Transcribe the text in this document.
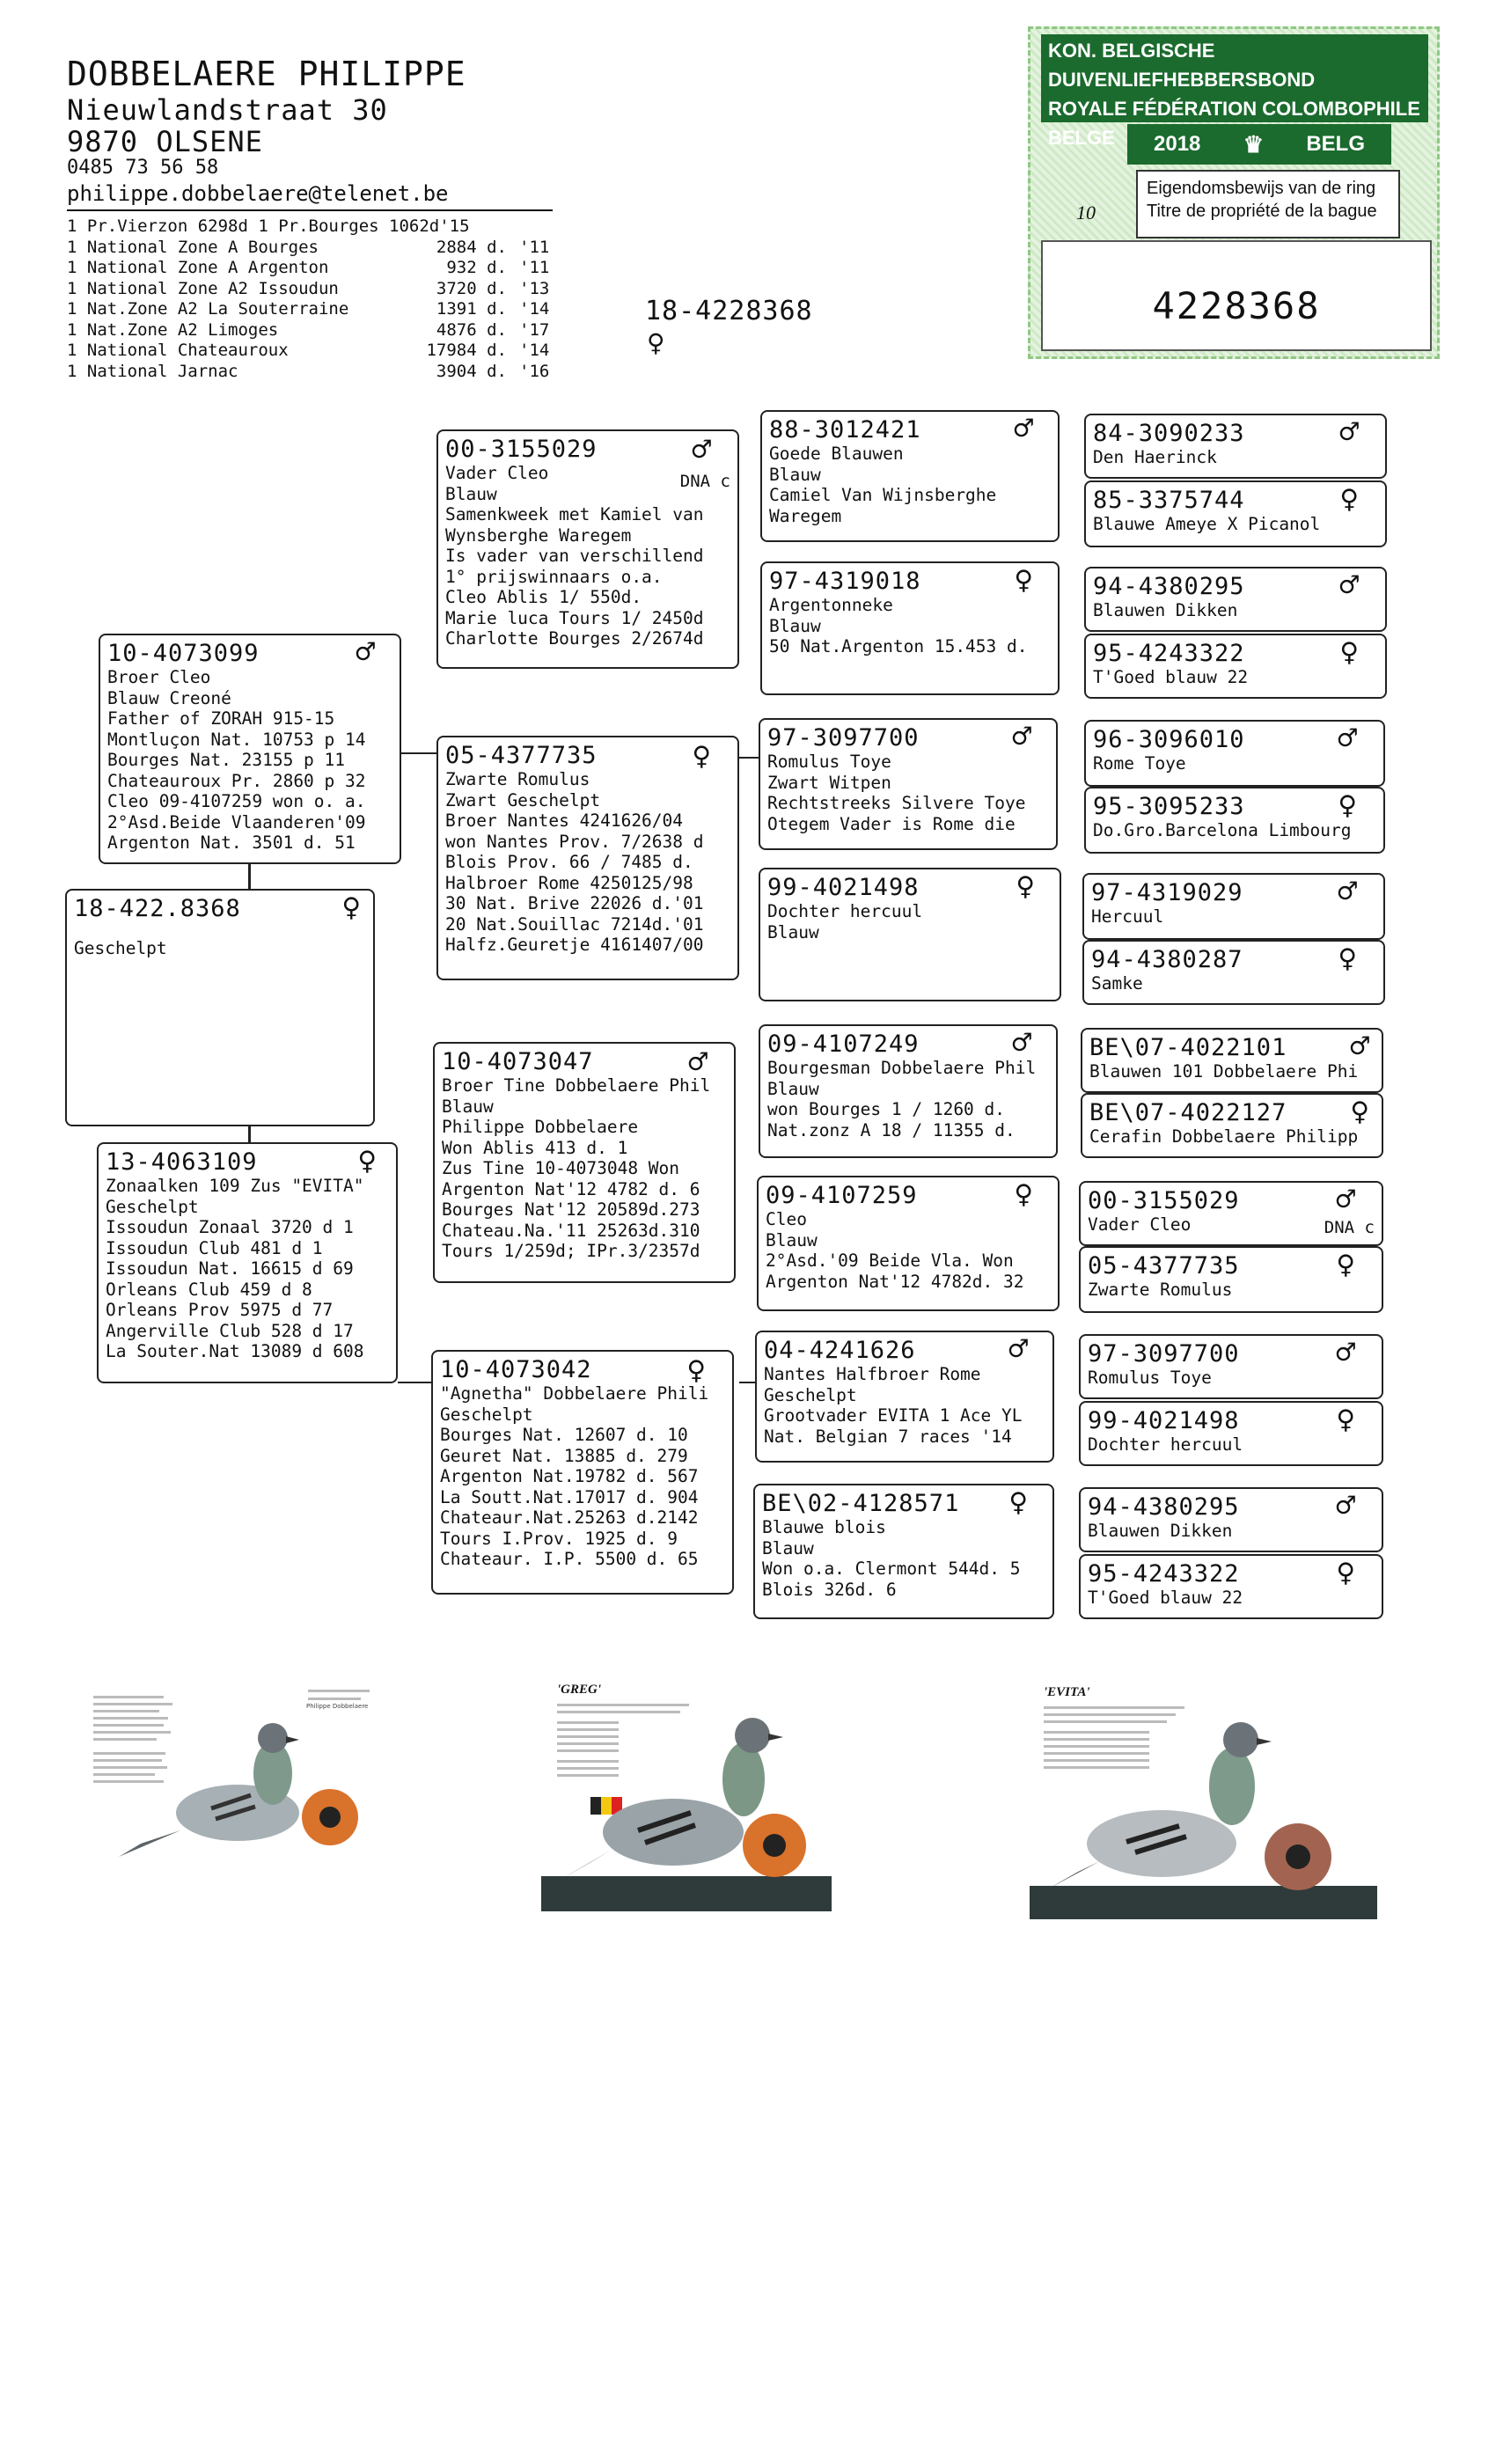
DOBBELAERE PHILIPPE
Nieuwlandstraat 30
9870 OLSENE
0485 73 56 58
philippe.dobbelaere@telenet.be
1 Pr.Vierzon 6298d 1 Pr.Bourges 1062d'15
1 National Zone A Bourges	2884 d. '11
1 National Zone A Argenton	932 d. '11
1 National Zone A2 Issoudun	3720 d. '13
1 Nat.Zone A2 La Souterraine	1391 d. '14
1 Nat.Zone A2 Limoges	4876 d. '17
1 National Chateauroux	17984 d. '14
1 National Jarnac	3904 d. '16
18-4228368
♀
KON. BELGISCHE DUIVENLIEFHEBBERSBOND
ROYALE FÉDÉRATION COLOMBOPHILE BELGE	2018 ♛ BELG
Eigendomsbewijs van de ring
Titre de propriété de la bague
10
4228368
18-422.8368	♀
Geschelpt
10-4073099	♂
Broer Cleo
Blauw Creoné
Father of ZORAH 915-15
Montluçon Nat. 10753 p 14
Bourges Nat. 23155 p 11
Chateauroux Pr. 2860 p 32
Cleo 09-4107259 won o. a.
2°Asd.Beide Vlaanderen'09
Argenton Nat. 3501 d. 51
13-4063109	♀
Zonaalken 109 Zus "EVITA"
Geschelpt
Issoudun Zonaal 3720 d 1
Issoudun Club 481 d 1
Issoudun Nat. 16615 d 69
Orleans Club 459 d 8
Orleans Prov 5975 d 77
Angerville Club 528 d 17
La Souter.Nat 13089 d 608
00-3155029	♂
DNA c
Vader Cleo
Blauw
Samenkweek met Kamiel van
Wynsberghe Waregem
Is vader van verschillend
1° prijswinnaars o.a.
Cleo Ablis 1/ 550d.
Marie luca Tours 1/ 2450d
Charlotte Bourges 2/2674d
05-4377735	♀
Zwarte Romulus
Zwart Geschelpt
Broer Nantes 4241626/04
won Nantes Prov. 7/2638 d
Blois Prov. 66 / 7485 d.
Halbroer Rome 4250125/98
30 Nat. Brive 22026 d.'01
20 Nat.Souillac 7214d.'01
Halfz.Geuretje 4161407/00
10-4073047	♂
Broer Tine Dobbelaere Phil
Blauw
Philippe Dobbelaere
Won Ablis 413 d. 1
Zus Tine 10-4073048 Won
Argenton Nat'12 4782 d. 6
Bourges Nat'12 20589d.273
Chateau.Na.'11 25263d.310
Tours 1/259d; IPr.3/2357d
10-4073042	♀
"Agnetha" Dobbelaere Phili
Geschelpt
Bourges Nat. 12607 d. 10
Geuret Nat. 13885 d. 279
Argenton Nat.19782 d. 567
La Soutt.Nat.17017 d. 904
Chateaur.Nat.25263 d.2142
Tours I.Prov. 1925 d. 9
Chateaur. I.P. 5500 d. 65
88-3012421	♂
Goede Blauwen
Blauw
Camiel Van Wijnsberghe
Waregem
97-4319018	♀
Argentonneke
Blauw
50 Nat.Argenton 15.453 d.
97-3097700	♂
Romulus Toye
Zwart Witpen
Rechtstreeks Silvere Toye
Otegem Vader is Rome die
99-4021498	♀
Dochter hercuul
Blauw
09-4107249	♂
Bourgesman Dobbelaere Phil
Blauw
won Bourges 1 / 1260 d.
Nat.zonz A 18 / 11355 d.
09-4107259	♀
Cleo
Blauw
2°Asd.'09 Beide Vla. Won
Argenton Nat'12 4782d. 32
04-4241626	♂
Nantes Halfbroer Rome
Geschelpt
Grootvader EVITA 1 Ace YL
Nat. Belgian 7 races '14
BE\02-4128571	♀
Blauwe blois
Blauw
Won o.a. Clermont 544d. 5
Blois 326d. 6
84-3090233	♂
Den Haerinck
85-3375744	♀
Blauwe Ameye X Picanol
94-4380295	♂
Blauwen Dikken
95-4243322	♀
T'Goed blauw 22
96-3096010	♂
Rome Toye
95-3095233	♀
Do.Gro.Barcelona Limbourg
97-4319029	♂
Hercuul
94-4380287	♀
Samke
BE\07-4022101	♂
Blauwen 101 Dobbelaere Phi
BE\07-4022127	♀
Cerafin Dobbelaere Philipp
00-3155029	♂
DNA c
Vader Cleo
05-4377735	♀
Zwarte Romulus
97-3097700	♂
Romulus Toye
99-4021498	♀
Dochter hercuul
94-4380295	♂
Blauwen Dikken
95-4243322	♀
T'Goed blauw 22
Philippe Dobbelaere
'GREG'	'EVITA'
